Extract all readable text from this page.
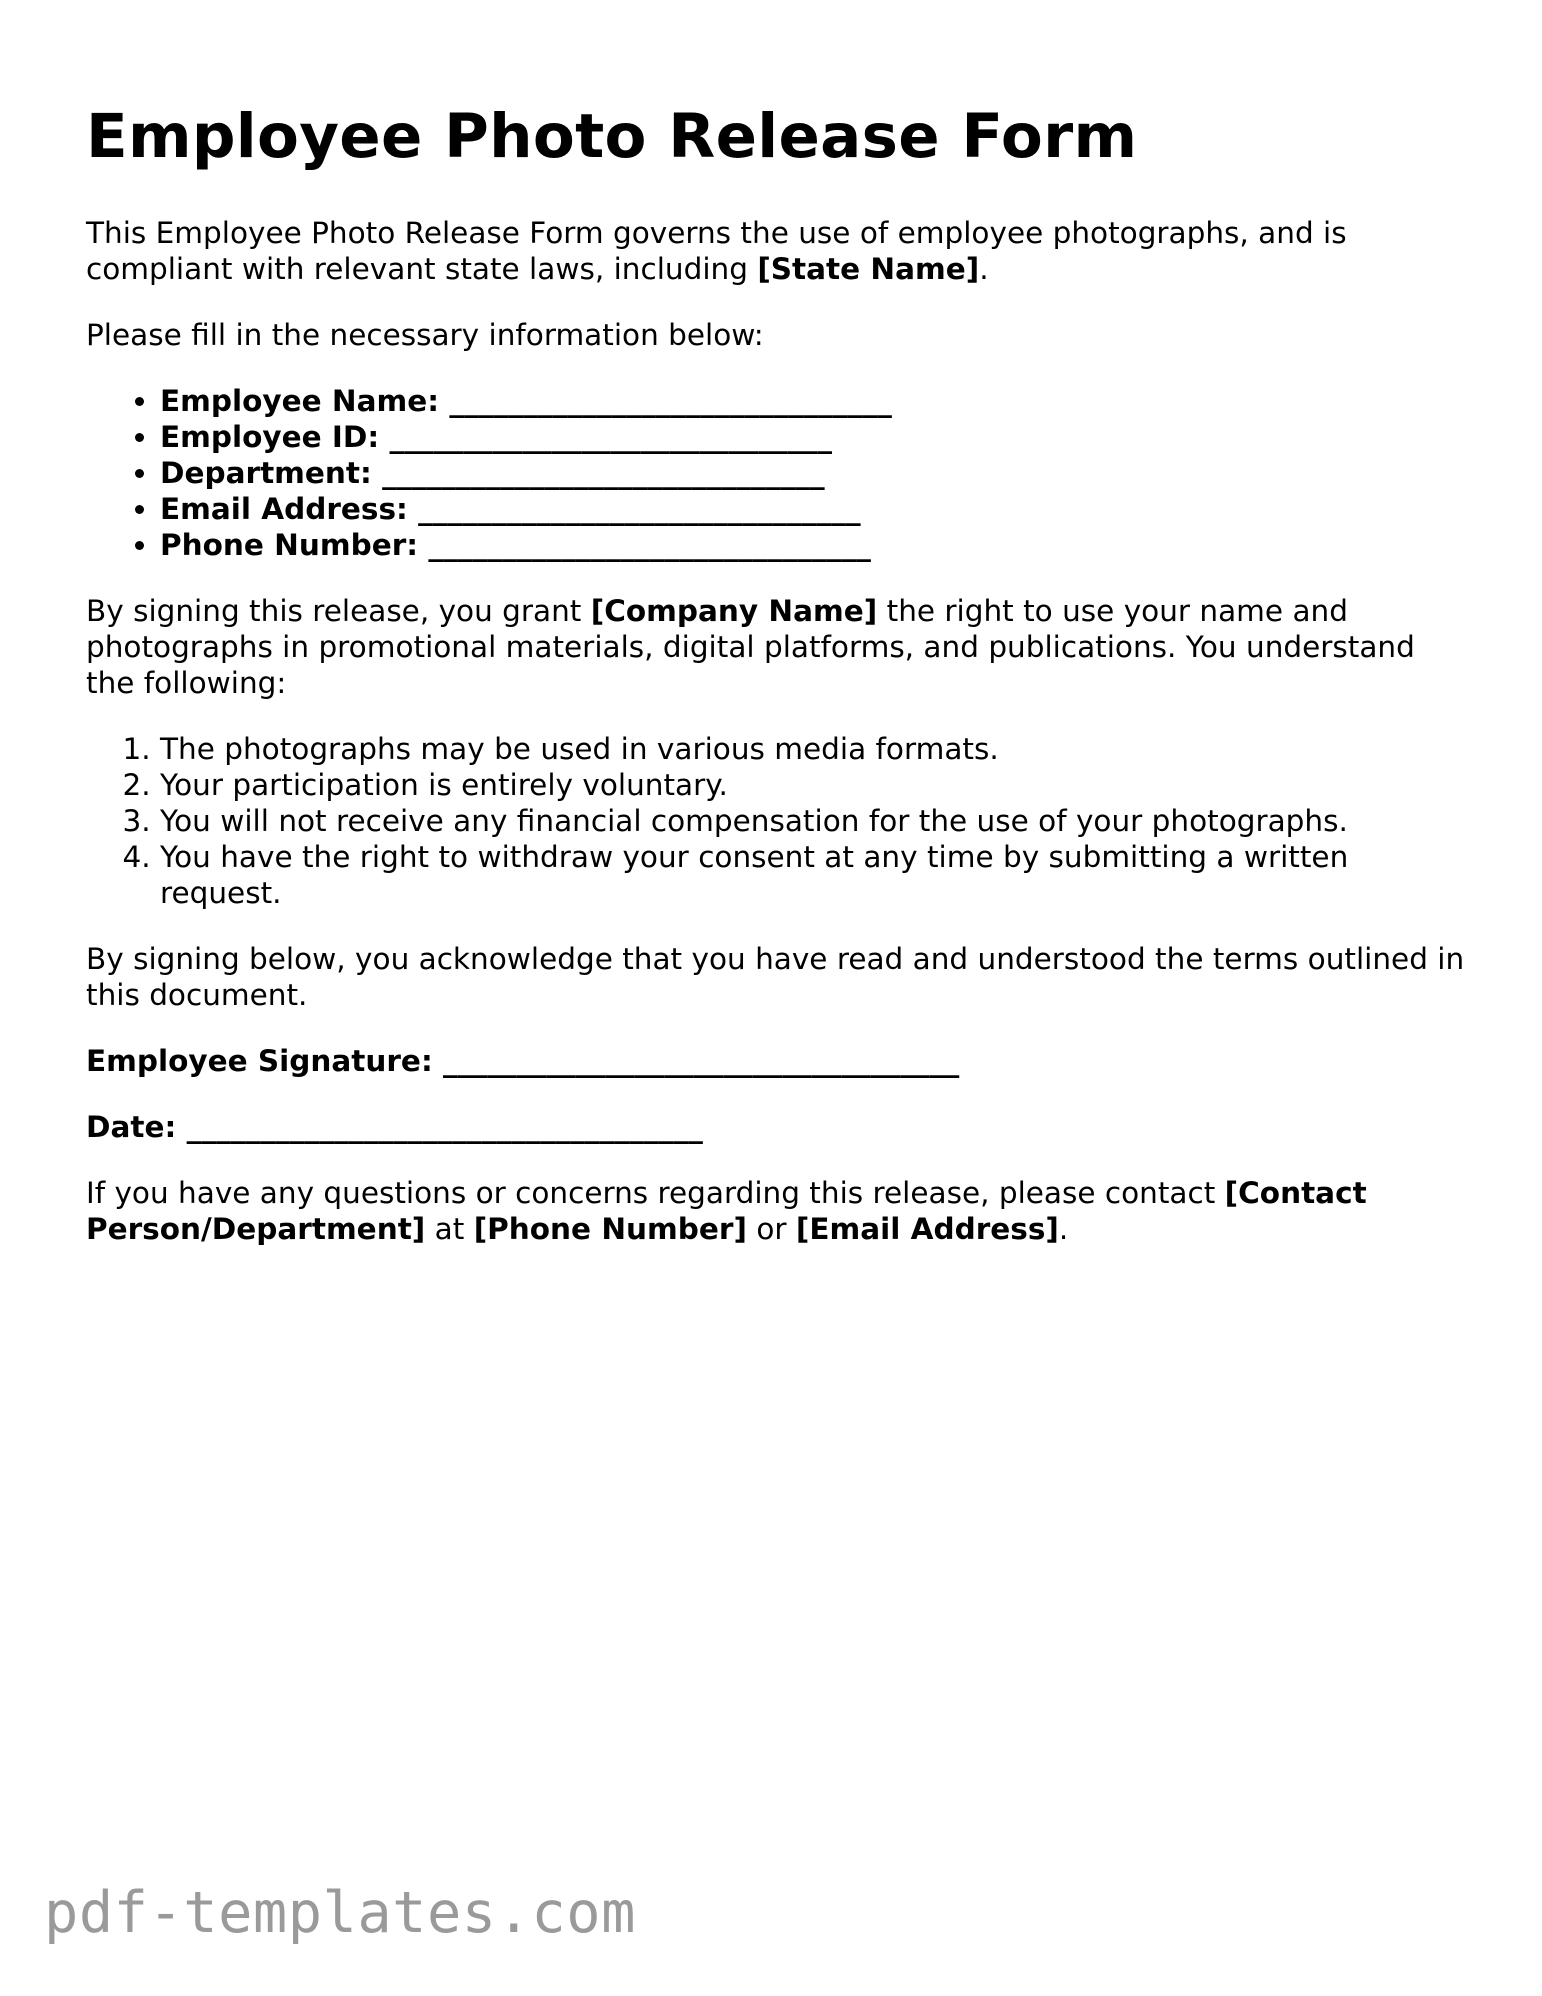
Employee Photo Release Form

This Employee Photo Release Form governs the use of employee photographs, and is compliant with relevant state laws, including [State Name].

Please fill in the necessary information below:

• Employee Name: ______________________________
• Employee ID: ______________________________
• Department: ______________________________
• Email Address: ______________________________
• Phone Number: ______________________________

By signing this release, you grant [Company Name] the right to use your name and photographs in promotional materials, digital platforms, and publications. You understand the following:

1. The photographs may be used in various media formats.
2. Your participation is entirely voluntary.
3. You will not receive any financial compensation for the use of your photographs.
4. You have the right to withdraw your consent at any time by submitting a written request.

By signing below, you acknowledge that you have read and understood the terms outlined in this document.

Employee Signature: ___________________________________

Date: ___________________________________

If you have any questions or concerns regarding this release, please contact [Contact Person/Department] at [Phone Number] or [Email Address].

pdf-templates.com
